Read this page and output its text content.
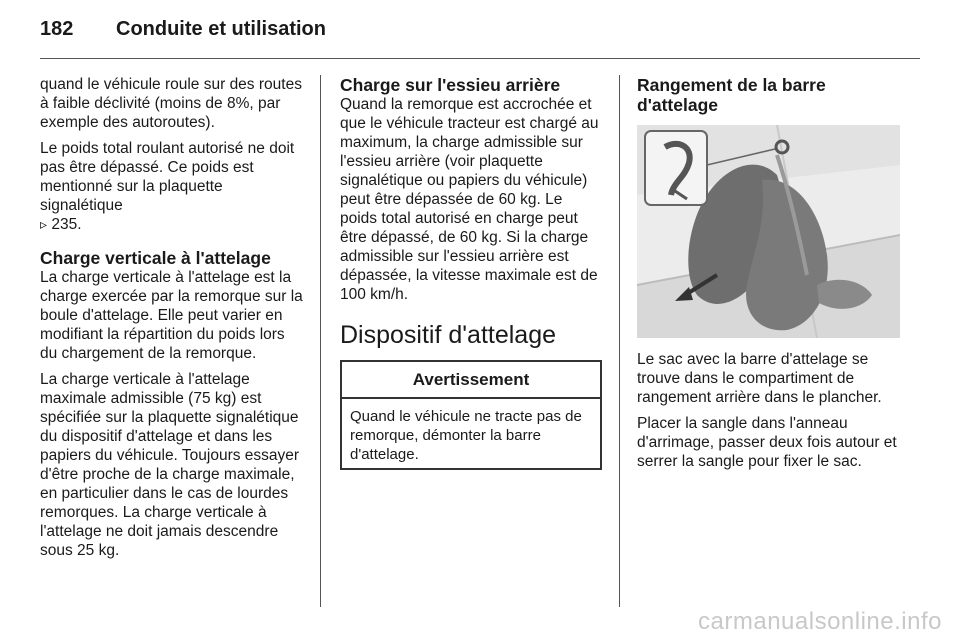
182 Conduite et utilisation

quand le véhicule roule sur des routes à faible déclivité (moins de 8%, par exemple des autoroutes).

Le poids total roulant autorisé ne doit pas être dépassé. Ce poids est mentionné sur la plaquette signalétique
▹ 235.

Charge verticale à l'attelage

La charge verticale à l'attelage est la charge exercée par la remorque sur la boule d'attelage. Elle peut varier en modifiant la répartition du poids lors du chargement de la remorque.

La charge verticale à l'attelage maximale admissible (75 kg) est spécifiée sur la plaquette signalétique du dispositif d'attelage et dans les papiers du véhicule. Toujours essayer d'être proche de la charge maximale, en particulier dans le cas de lourdes remorques. La charge verticale à l'attelage ne doit jamais descendre sous 25 kg.

Charge sur l'essieu arrière

Quand la remorque est accrochée et que le véhicule tracteur est chargé au maximum, la charge admissible sur l'essieu arrière (voir plaquette signalétique ou papiers du véhicule) peut être dépassée de 60 kg. Le poids total autorisé en charge peut être dépassé, de 60 kg. Si la charge admissible sur l'essieu arrière est dépassée, la vitesse maximale est de 100 km/h.

Dispositif d'attelage
Avertissement
Quand le véhicule ne tracte pas de remorque, démonter la barre d'attelage.
Rangement de la barre d'attelage

Le sac avec la barre d'attelage se trouve dans le compartiment de rangement arrière dans le plancher.

Placer la sangle dans l'anneau d'arrimage, passer deux fois autour et serrer la sangle pour fixer le sac.

carmanualsonline.info
